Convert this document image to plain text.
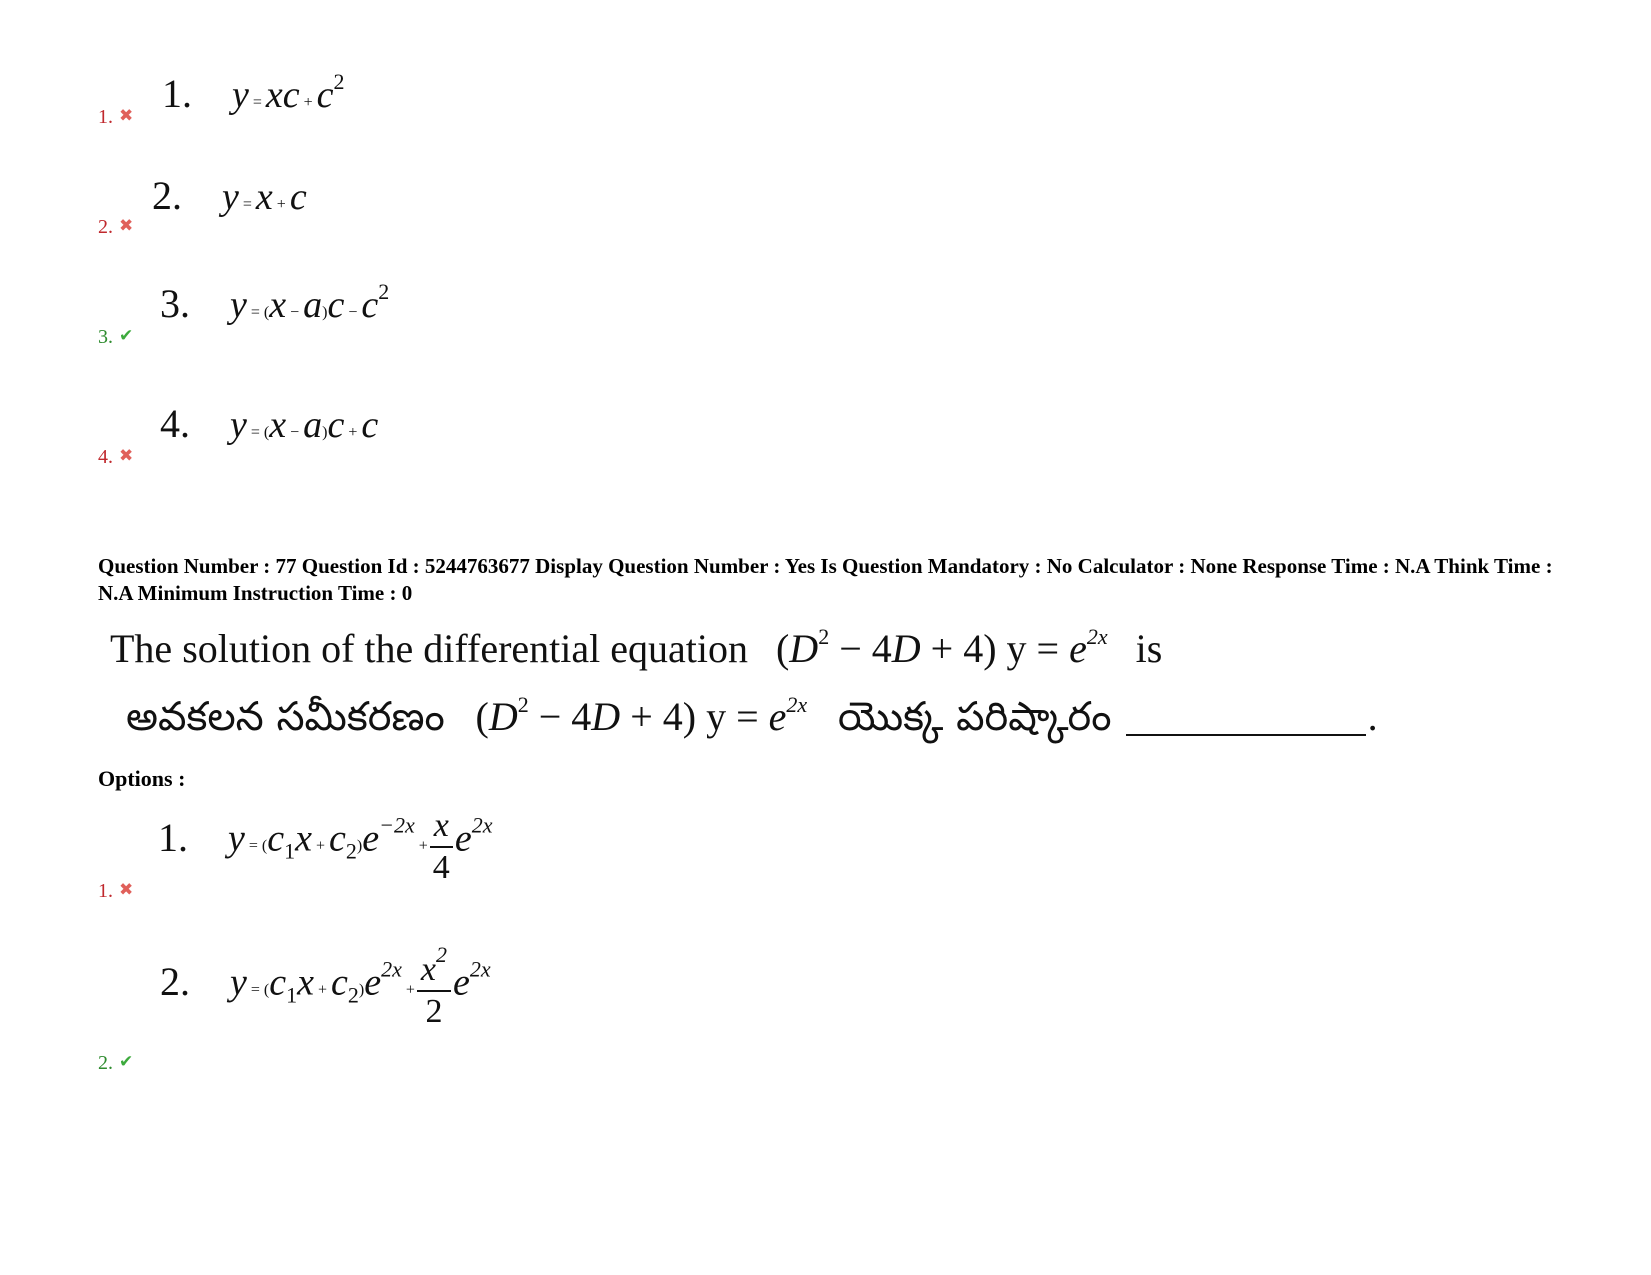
1. y = xc + $c^2$
1. ✖
2. y = x + c
2. ✖
3. $y = (x - a)c - c^2$
3. ✔
4. y = (x − a)c + c
4. ✖
Question Number : 77 Question Id : 5244763677 Display Question Number : Yes Is Question Mandatory : No Calculator : None Response Time : N.A Think Time : N.A Minimum Instruction Time : 0
The solution of the differential equation $(D^2 - 4D + 4) y = e^{2x}$ is
అవకలన సమీకరణం $(D^2 - 4D + 4) y = e^{2x}$ యొక్క పరిష్కారం	.
Options :
1. $y = (c_1x + c_2)e^{-2x} + \frac{x}{4} e^{2x}$
1. ✖
2. $y = (c_1x + c_2)e^{2x} + \frac{x^2}{2} e^{2x}$
2. ✔
